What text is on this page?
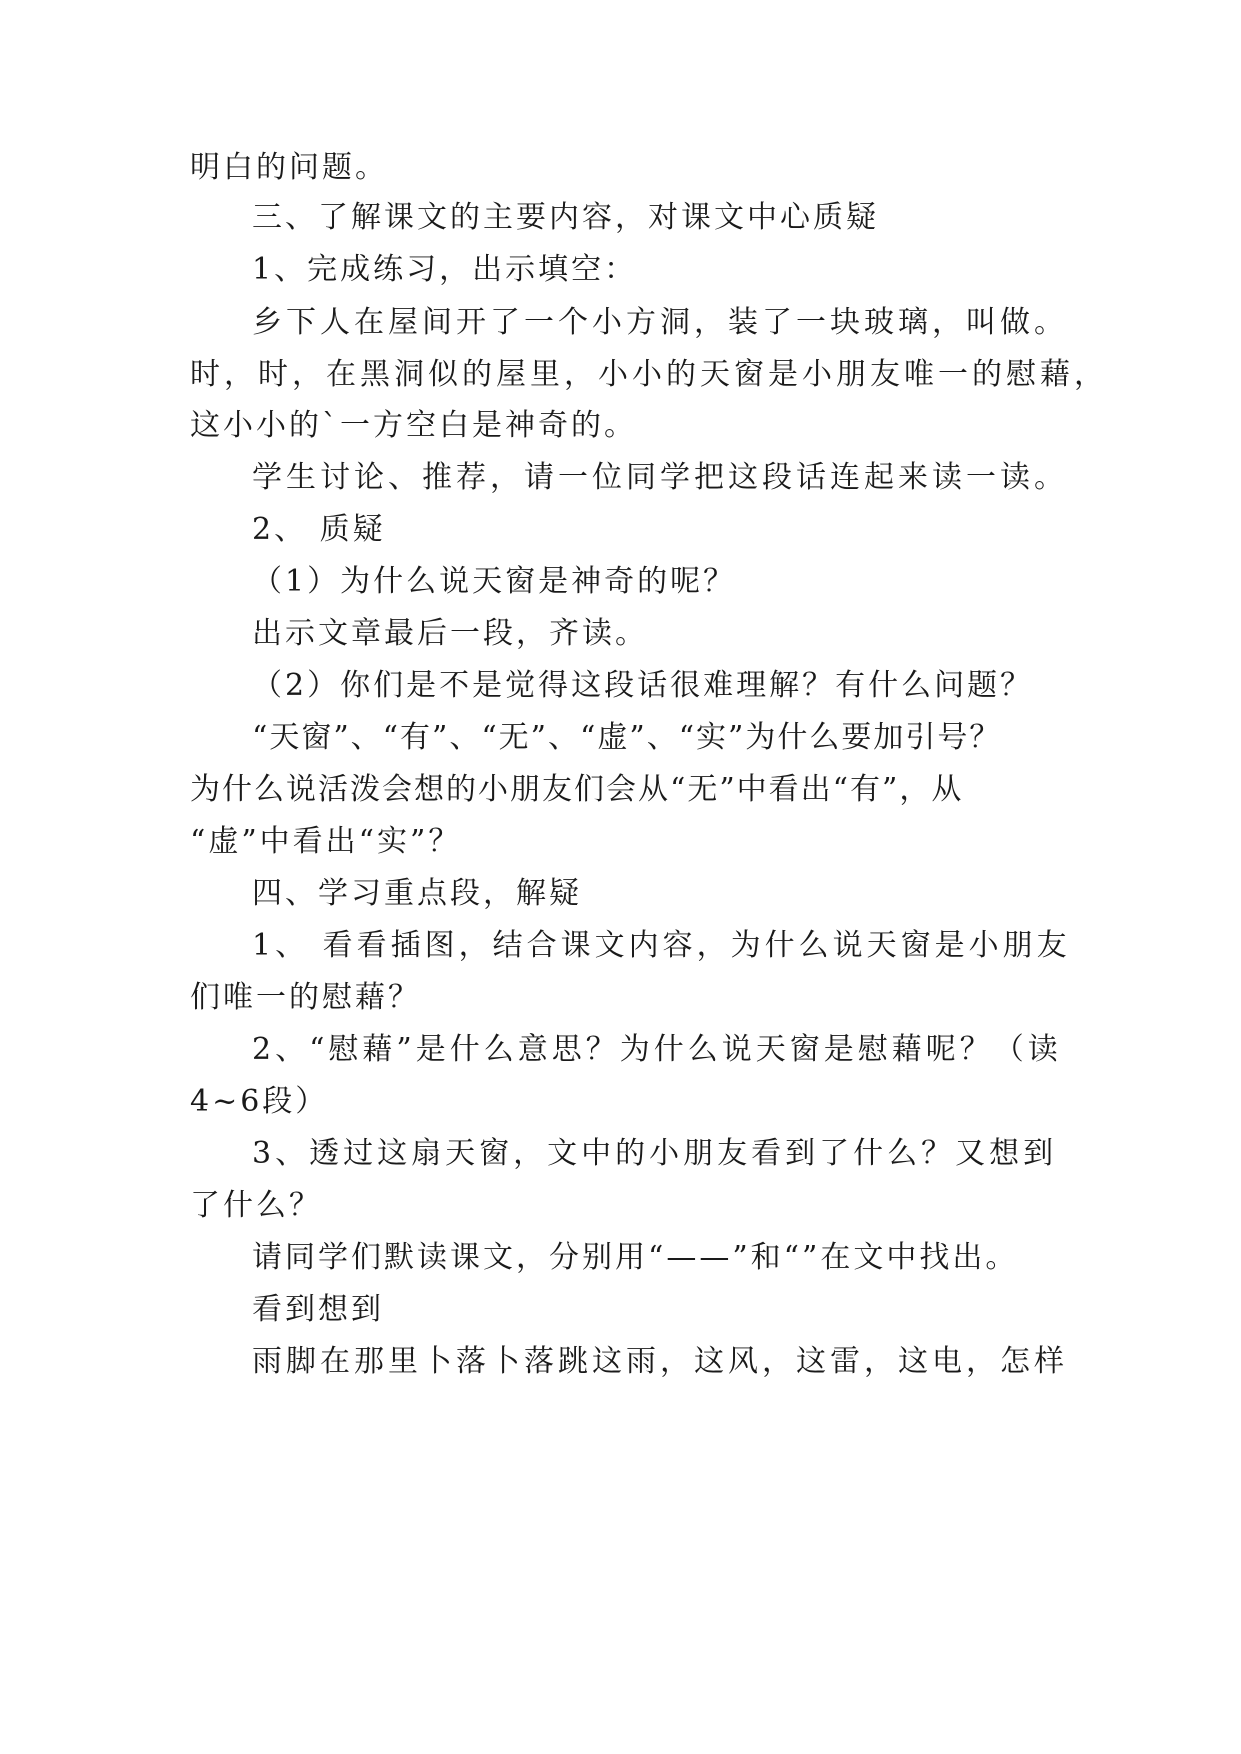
明白的问题。
三、了解课文的主要内容，对课文中心质疑
1、完成练习，出示填空：
乡下人在屋间开了一个小方洞，装了一块玻璃，叫做。
时，时，在黑洞似的屋里，小小的天窗是小朋友唯一的慰藉，
这小小的`一方空白是神奇的。
学生讨论、推荐，请一位同学把这段话连起来读一读。
2、 质疑
（1）为什么说天窗是神奇的呢？
出示文章最后一段，齐读。
（2）你们是不是觉得这段话很难理解？有什么问题？
“天窗”、“有”、“无”、“虚”、“实”为什么要加引号？
为什么说活泼会想的小朋友们会从“无”中看出“有”，从
“虚”中看出“实”？
四、学习重点段，解疑
1、 看看插图，结合课文内容，为什么说天窗是小朋友
们唯一的慰藉？
2、“慰藉”是什么意思？为什么说天窗是慰藉呢？（读
4~6段）
3、透过这扇天窗，文中的小朋友看到了什么？又想到
了什么？
请同学们默读课文，分别用“——”和“”在文中找出。
看到想到
雨脚在那里卜落卜落跳这雨，这风，这雷，这电，怎样
